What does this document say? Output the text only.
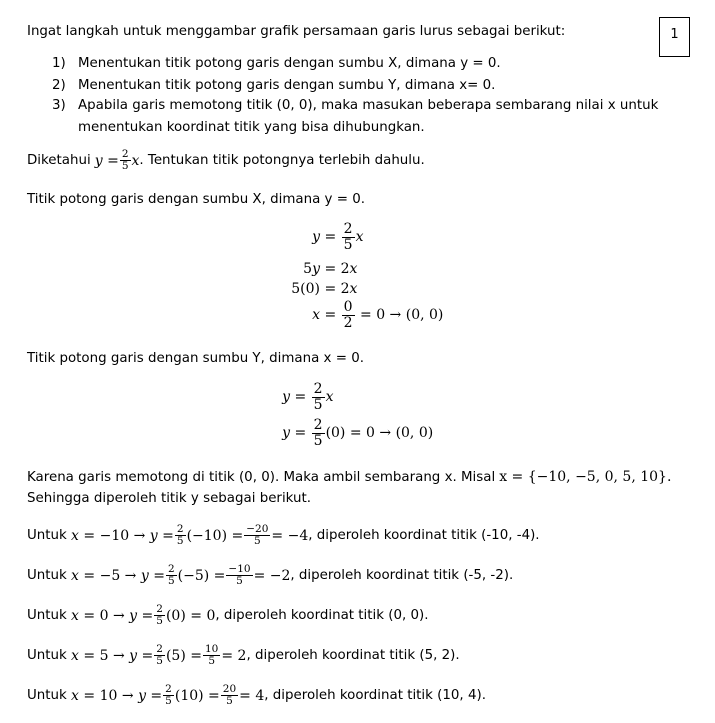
1
Ingat langkah untuk menggambar grafik persamaan garis lurus sebagai berikut:
1) Menentukan titik potong garis dengan sumbu X, dimana y = 0.
2) Menentukan titik potong garis dengan sumbu Y, dimana x= 0.
3) Apabila garis memotong titik (0, 0), maka masukan beberapa sembarang nilai x untuk
menentukan koordinat titik yang bisa dihubungkan.
Diketahui $y = \frac{2}{5}$ x . Tentukan titik potongnya terlebih dahulu.
Titik potong garis dengan sumbu X, dimana y = 0.
$y = \frac{2}{5}$ x
5y = 2 x
5(0) = 2 x
$x = \frac{0}{2} = 0 \to (0$, 0)
Titik potong garis dengan sumbu Y, dimana x = 0.
$y = \frac{2}{5}$ x
$y = \frac{2}{5} (0) = 0 \to (0$, 0)
Karena garis memotong di titik (0, 0). Maka ambil sembarang x. Misal x = {−10, −5, 0, 5, 10}.
Sehingga diperoleh titik y sebagai berikut.
Untuk
$x = -10 \to y = \frac{2}{5} (-10) = \frac{-20}{5} = -4$ , diperoleh koordinat titik
(-10, -4).
Untuk
$x = -5 \to y = \frac{2}{5} (-5) = \frac{-10}{5} = -2$ , diperoleh koordinat titik
(-5, -2).
Untuk
$x = 0 \to y = \frac{2}{5} (0) = 0$ , diperoleh koordinat titik
(0, 0).
Untuk
$x = 5 \to y = \frac{2}{5} (5) = \frac{10}{5} = 2$ , diperoleh koordinat titik
(5, 2).
Untuk
$x = 10 \to y = \frac{2}{5} (10) = \frac{20}{5} = 4$ , diperoleh koordinat titik
(10, 4).
